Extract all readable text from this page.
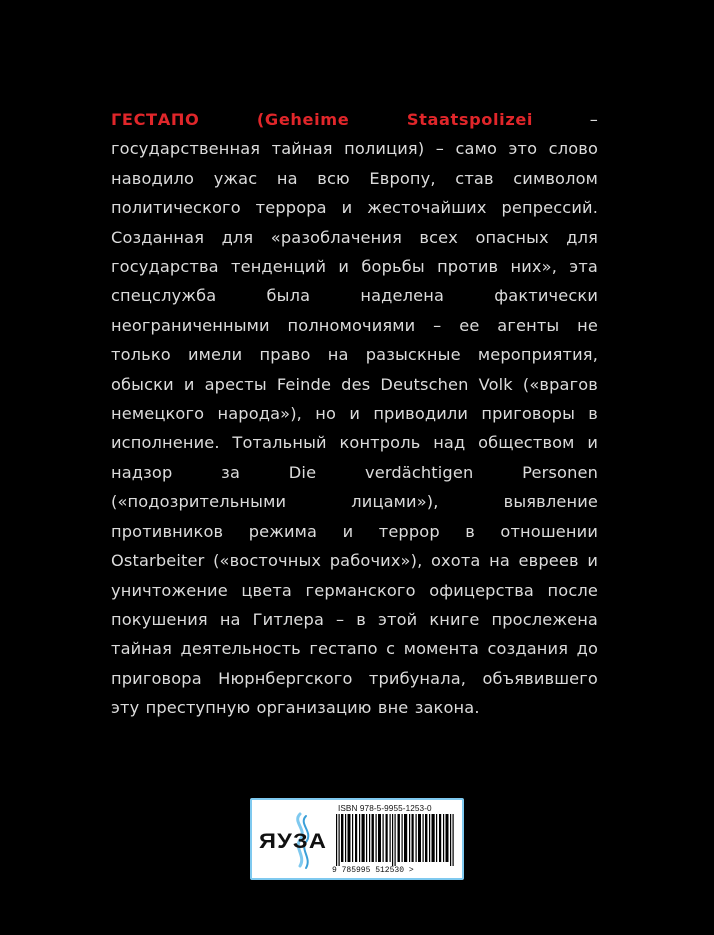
ГЕСТАПО (Geheime Staatspolizei	– государственная тайная полиция) – само это слово наводило ужас на всю Европу, став символом политического террора и жесточайших репрессий. Созданная для «разоблачения всех опасных для государства тенденций и борьбы против них», эта спецслужба была наделена фактически неограниченными полномочиями – ее агенты не только имели право на разыскные мероприятия, обыски и аресты Feinde des Deutschen Volk («врагов немецкого народа»), но и приводили приговоры в исполнение. Тотальный контроль над обществом и надзор за Die verdächtigen Personen («подозрительными лицами»), выявление противников режима и террор в отношении Ostarbeiter («восточных рабочих»), охота на евреев и уничтожение цвета германского офицерства после покушения на Гитлера – в этой книге прослежена тайная деятельность гестапо с момента создания до приговора Нюрнбергского трибунала, объявившего эту преступную организацию вне закона.
ЯУЗА
ISBN 978-5-9955-1253-0
9 785995 512530 >
